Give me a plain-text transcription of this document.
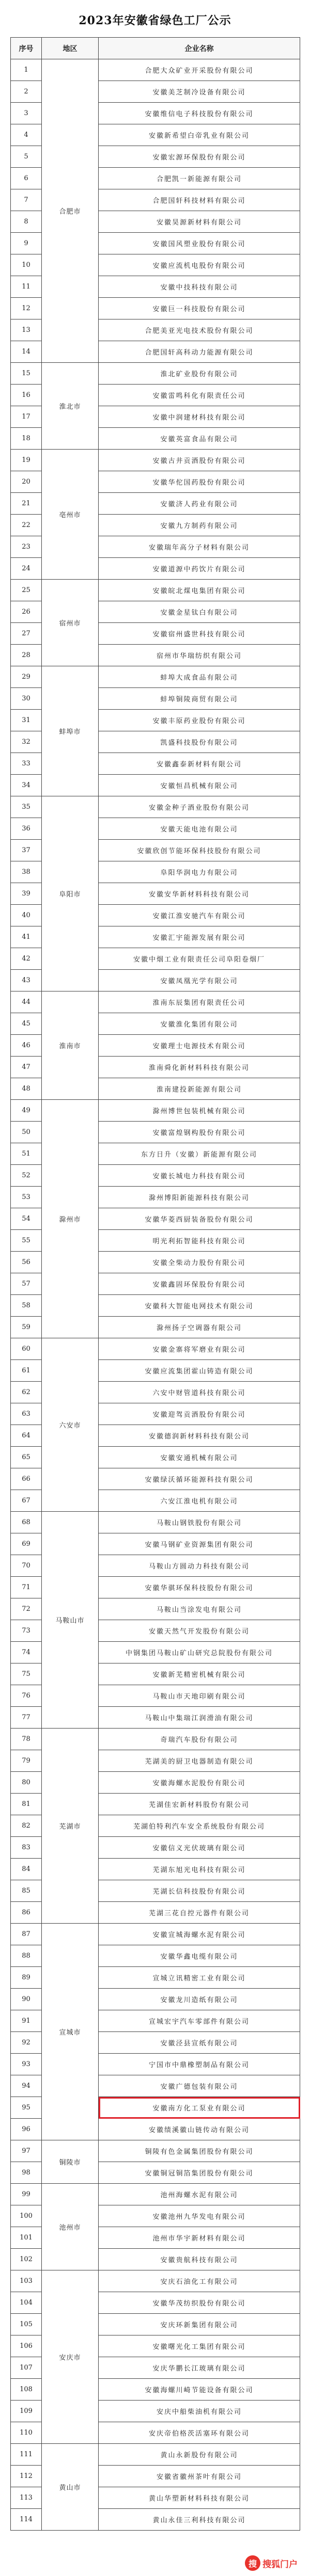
2023年安徽省绿色工厂公示
序号	地区	企业名称
1	合肥市	合肥大众矿业开采股份有限公司
2		安徽美芝制冷设备有限公司
3		安徽维信电子科技股份有限公司
4		安徽新希望白帝乳业有限公司
5		安徽宏源环保股份有限公司
6		合肥凯一新能源有限公司
7		合肥国轩科技材料有限公司
8		安徽昊源新材料有限公司
9		安徽国风塑业股份有限公司
10		安徽应流机电股份有限公司
11		安徽中技科技有限公司
12		安徽巨一科技股份有限公司
13		合肥美亚光电技术股份有限公司
14		合肥国轩高科动力能源有限公司
15	淮北市	淮北矿业股份有限公司
16		安徽雷鸣科化有限责任公司
17		安徽中润建材科技有限公司
18		安徽英富食品有限公司
19	亳州市	安徽古井贡酒股份有限公司
20		安徽华佗国药股份有限公司
21		安徽济人药业有限公司
22		安徽九方制药有限公司
23		安徽瑞年高分子材料有限公司
24		安徽道源中药饮片有限公司
25	宿州市	安徽皖北煤电集团有限公司
26		安徽金星钛白有限公司
27		安徽宿州盛世科技有限公司
28		宿州市华瑞纺织有限公司
29	蚌埠市	蚌埠大成食品有限公司
30		蚌埠铜陵商贸有限公司
31		安徽丰原药业股份有限公司
32		凯盛科技股份有限公司
33		安徽鑫泰新材料有限公司
34		安徽恒昌机械有限公司
35	阜阳市	安徽金种子酒业股份有限公司
36		安徽天能电池有限公司
37		安徽欣创节能环保科技股份有限公司
38		阜阳华润电力有限公司
39		安徽安华新材料科技有限公司
40		安徽江淮安驰汽车有限公司
41		安徽汇宇能源发展有限公司
42		安徽中烟工业有限责任公司阜阳卷烟厂
43		安徽凤凰光学有限公司
44	淮南市	淮南东辰集团有限责任公司
45		安徽淮化集团有限公司
46		安徽理士电源技术有限公司
47		淮南舜化新材料科技有限公司
48		淮南建投新能源有限公司
49	滁州市	滁州博世包装机械有限公司
50		安徽富煌钢构股份有限公司
51		东方日升（安徽）新能源有限公司
52		安徽长城电力科技有限公司
53		滁州博阳新能源科技有限公司
54		安徽华菱西厨装备股份有限公司
55		明光利拓智能科技有限公司
56		安徽全柴动力股份有限公司
57		安徽鑫固环保股份有限公司
58		安徽科大智能电网技术有限公司
59		滁州扬子空调器有限公司
60	六安市	安徽金寨将军磨业有限公司
61		安徽应流集团霍山铸造有限公司
62		六安中财管道科技有限公司
63		安徽迎驾贡酒股份有限公司
64		安徽德润新材料科技有限公司
65		安徽安通机械有限公司
66		安徽绿沃循环能源科技有限公司
67		六安江淮电机有限公司
68	马鞍山市	马鞍山钢铁股份有限公司
69		安徽马钢矿业资源集团有限公司
70		马鞍山方圆动力科技有限公司
71		安徽华骐环保科技股份有限公司
72		马鞍山当涂发电有限公司
73		安徽天然气开发股份有限公司
74		中钢集团马鞍山矿山研究总院股份有限公司
75		安徽新芜精密机械有限公司
76		马鞍山市天地印刷有限公司
77		马鞍山中集瑞江润滑油有限公司
78	芜湖市	奇瑞汽车股份有限公司
79		芜湖美的厨卫电器制造有限公司
80		安徽海螺水泥股份有限公司
81		芜湖佳宏新材料股份有限公司
82		芜湖伯特利汽车安全系统股份有限公司
83		安徽信义光伏玻璃有限公司
84		芜湖东旭光电科技有限公司
85		芜湖长信科技股份有限公司
86		芜湖三花自控元器件有限公司
87	宣城市	安徽宣城海螺水泥有限公司
88		安徽华鑫电缆有限公司
89		宣城立讯精密工业有限公司
90		安徽龙川造纸有限公司
91		宣城宏宇汽车零部件有限公司
92		安徽泾县宣纸有限公司
93		宁国市中鼎橡塑制品有限公司
94		安徽广德包装有限公司
95		安徽南方化工泵业有限公司
96		安徽绩溪徽山链传动有限公司
97	铜陵市	铜陵有色金属集团股份有限公司
98		安徽铜冠铜箔集团股份有限公司
99	池州市	池州海螺水泥有限公司
100		安徽池州九华发电有限公司
101		池州市华宇新材料有限公司
102		安徽贵航科技有限公司
103	安庆市	安庆石油化工有限公司
104		安徽华茂纺织股份有限公司
105		安庆环新集团有限公司
106		安徽曙光化工集团有限公司
107		安庆华鹏长江玻璃有限公司
108		安徽海螺川崎节能设备有限公司
109		安庆中船柴油机有限公司
110		安庆帝伯格茨活塞环有限公司
111	黄山市	黄山永新股份有限公司
112		安徽省徽州茶叶有限公司
113		黄山华塑新材料科技有限公司
114		黄山永佳三利科技有限公司
搜 搜狐门户
